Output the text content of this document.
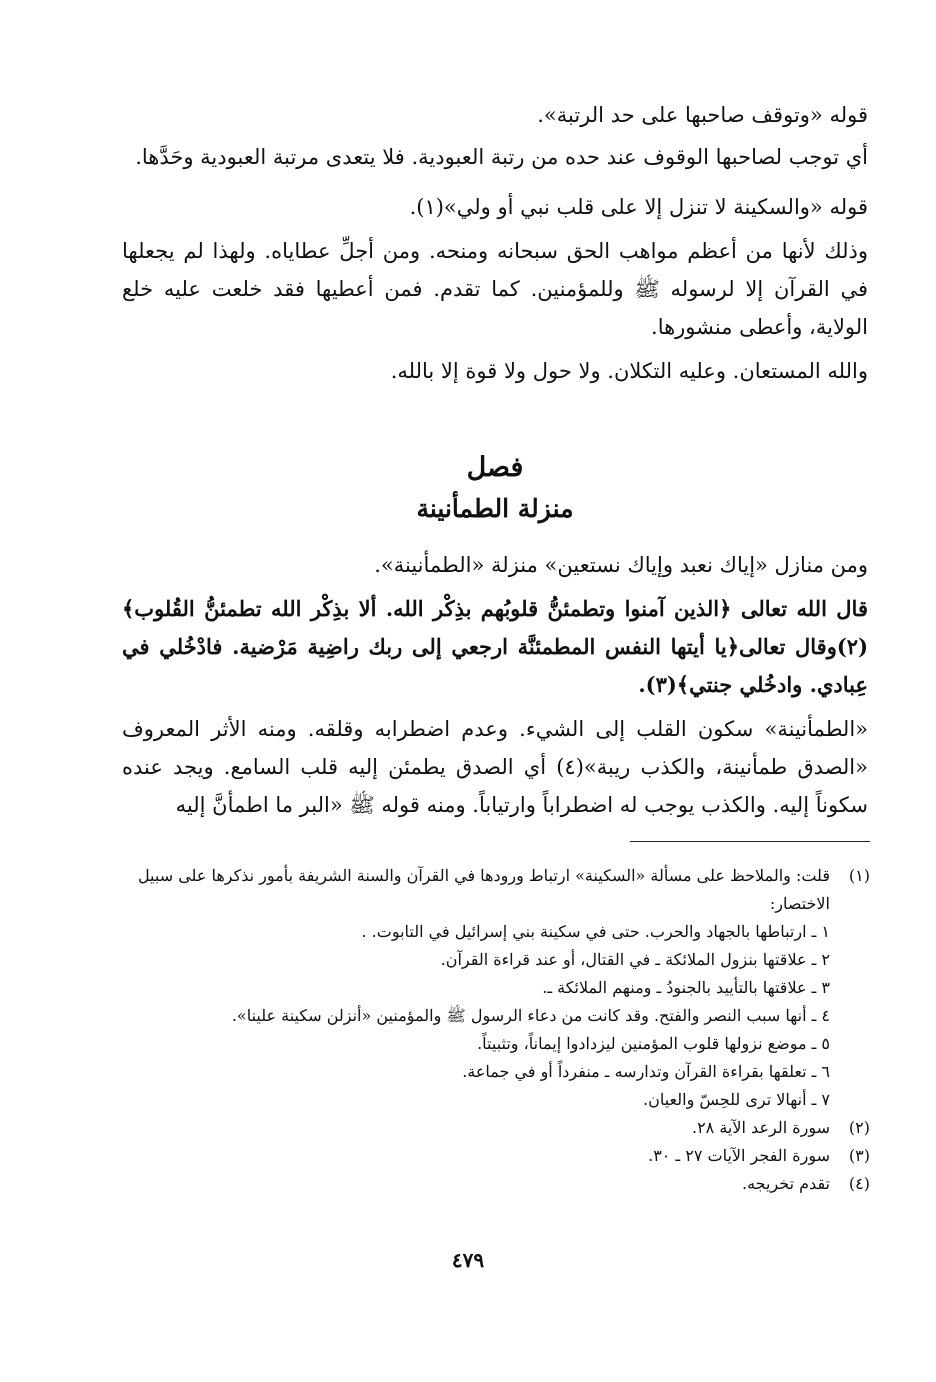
قوله «وتوقف صاحبها على حد الرتبة».

أي توجب لصاحبها الوقوف عند حده من رتبة العبودية. فلا يتعدى مرتبة العبودية وحَدَّها.

قوله «والسكينة لا تنزل إلا على قلب نبي أو ولي»(١).

وذلك لأنها من أعظم مواهب الحق سبحانه ومنحه. ومن أجلِّ عطاياه. ولهذا لم يجعلها في القرآن إلا لرسوله ﷺ وللمؤمنين. كما تقدم. فمن أعطيها فقد خلعت عليه خلع الولاية، وأعطى منشورها.

والله المستعان. وعليه التكلان. ولا حول ولا قوة إلا بالله.

فصل
منزلة الطمأنينة

ومن منازل «إياك نعبد وإياك نستعين» منزلة «الطمأنينة».

قال الله تعالى ﴿الذين آمنوا وتطمئنُّ قلوبُهم بذِكْر الله. ألا بذِكْر الله تطمئنُّ القُلوب﴾(٢)وقال تعالى﴿يا أيتها النفس المطمئنَّة ارجعي إلى ربك راضِية مَرْضية. فادْخُلي في عِبادي. وادخُلي جنتي﴾(٣).

«الطمأنينة» سكون القلب إلى الشيء. وعدم اضطرابه وقلقه. ومنه الأثر المعروف «الصدق طمأنينة، والكذب ريبة»(٤) أي الصدق يطمئن إليه قلب السامع. ويجد عنده سكوناً إليه. والكذب يوجب له اضطراباً وارتياباً. ومنه قوله ﷺ «البر ما اطمأنَّ إليه

(١)

قلت: والملاحظ على مسألة «السكينة» ارتباط ورودها في القرآن والسنة الشريفة بأمور نذكرها على سبيل الاختصار:

١ ـ ارتباطها بالجهاد والحرب. حتى في سكينة بني إسرائيل في التابوت. .

٢ ـ علاقتها بنزول الملائكة ـ في القتال، أو عند قراءة القرآن.

٣ ـ علاقتها بالتأييد بالجنودُ ـ ومنهم الملائكة ـ.

٤ ـ أنها سبب النصر والفتح. وقد كانت من دعاء الرسول ﷺ والمؤمنين «أنزلن سكينة علينا».

٥ ـ موضع نزولها قلوب المؤمنين ليزدادوا إيماناً، وتثبيتاً.

٦ ـ تعلقها بقراءة القرآن وتدارسه ـ منفرداً أو في جماعة.

٧ ـ أنهالا ترى للحِسّ والعيان.

(٢)
سورة الرعد الآية ٢٨.
(٣)
سورة الفجر الآيات ٢٧ ـ ٣٠.
(٤)
تقدم تخريجه.
٤٧٩
